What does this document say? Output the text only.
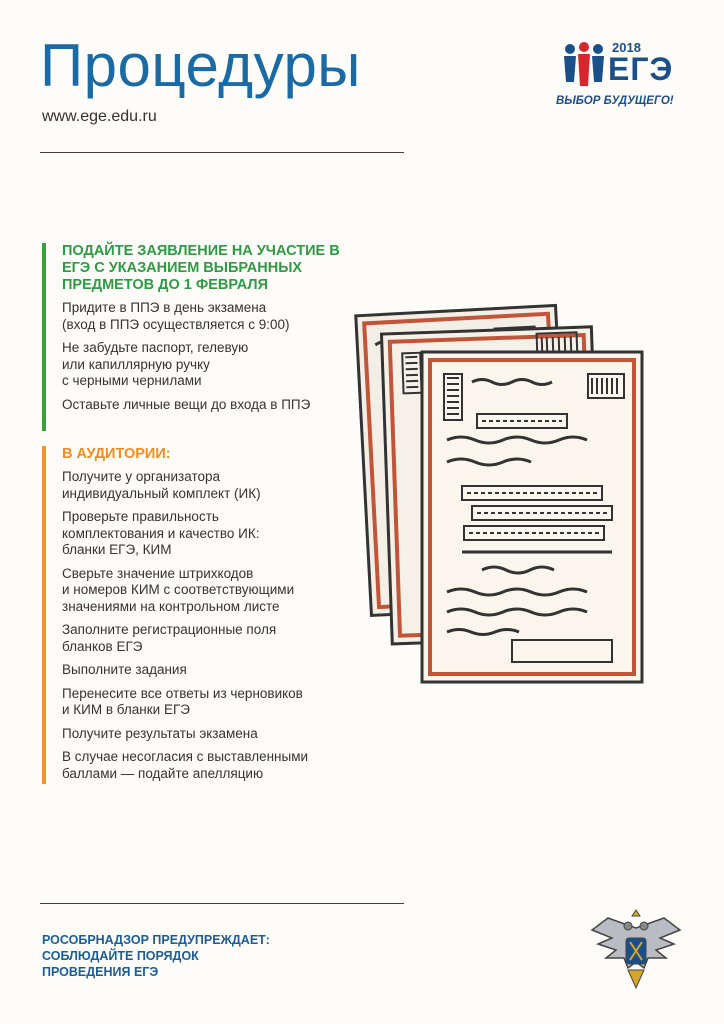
Процедуры
www.ege.edu.ru
2018
ЕГЭ
ВЫБОР БУДУЩЕГО!
ПОДАЙТЕ ЗАЯВЛЕНИЕ НА УЧАСТИЕ В ЕГЭ С УКАЗАНИЕМ ВЫБРАННЫХ ПРЕДМЕТОВ ДО 1 ФЕВРАЛЯ
Придите в ППЭ в день экзамена
(вход в ППЭ осуществляется с 9:00)
Не забудьте паспорт, гелевую
или капиллярную ручку
с черными чернилами
Оставьте личные вещи до входа в ППЭ
В АУДИТОРИИ:
Получите у организатора
индивидуальный комплект (ИК)
Проверьте правильность
комплектования и качество ИК:
бланки ЕГЭ, КИМ
Сверьте значение штрихкодов
и номеров КИМ с соответствующими
значениями на контрольном листе
Заполните регистрационные поля
бланков ЕГЭ
Выполните задания
Перенесите все ответы из черновиков
и КИМ в бланки ЕГЭ
Получите результаты экзамена
В случае несогласия с выставленными
баллами — подайте апелляцию
РОСОБРНАДЗОР ПРЕДУПРЕЖДАЕТ:
СОБЛЮДАЙТЕ ПОРЯДОК
ПРОВЕДЕНИЯ ЕГЭ
